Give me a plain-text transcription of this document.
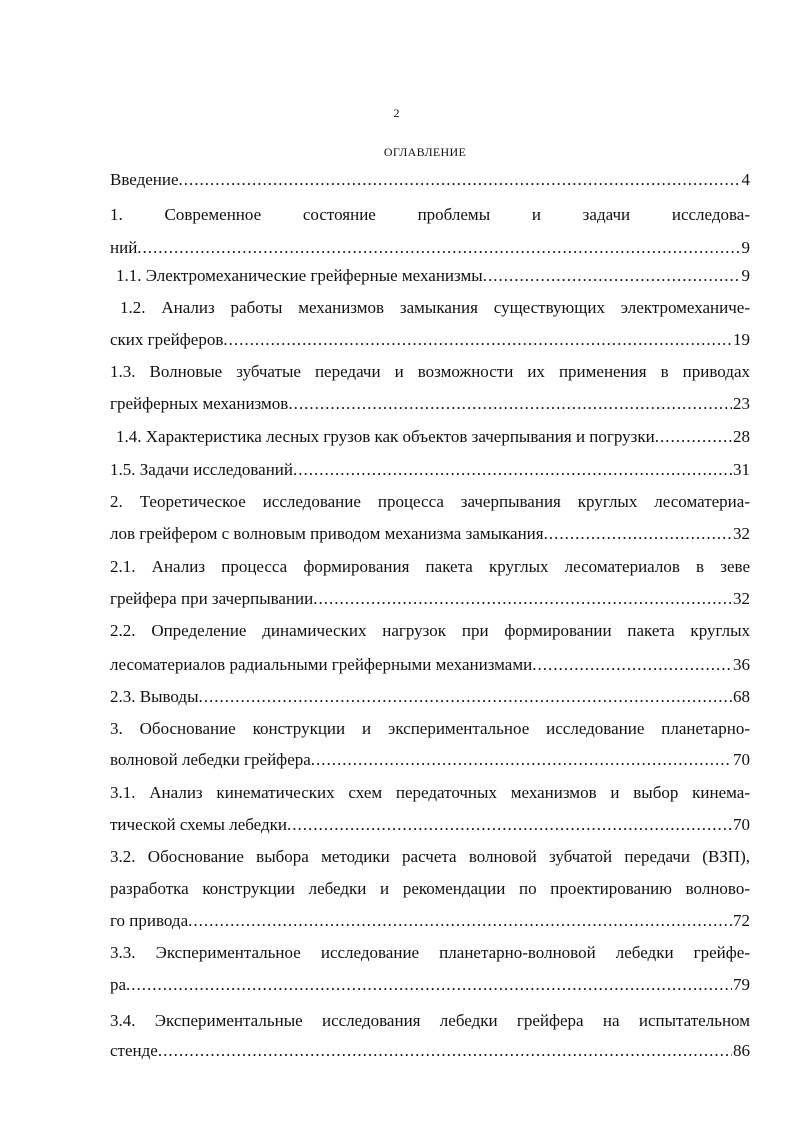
2
ОГЛАВЛЕНИЕ
Введение .....	4
1. Современное состояние проблемы и задачи исследова-
ний .....	9
1.1. Электромеханические грейферные механизмы .....	9
1.2. Анализ работы механизмов замыкания существующих электромеханиче-
ских грейферов .....	19
1.3. Волновые зубчатые передачи и возможности их применения в приводах
грейферных механизмов .....	23
1.4. Характеристика лесных грузов как объектов зачерпывания и погрузки .....	28
1.5. Задачи исследований .....	31
2. Теоретическое исследование процесса зачерпывания круглых лесоматериа-
лов грейфером с волновым приводом механизма замыкания .....	32
2.1. Анализ процесса формирования пакета круглых лесоматериалов в зеве
грейфера при зачерпывании .....	32
2.2. Определение динамических нагрузок при формировании пакета круглых
лесоматериалов радиальными грейферными механизмами .....	36
2.3. Выводы .....	68
3. Обоснование конструкции и экспериментальное исследование планетарно-
волновой лебедки грейфера .....	70
3.1. Анализ кинематических схем передаточных механизмов и выбор кинема-
тической схемы лебедки .....	70
3.2. Обоснование выбора методики расчета волновой зубчатой передачи (ВЗП),
разработка конструкции лебедки и рекомендации по проектированию волново-
го привода .....	72
3.3. Экспериментальное исследование планетарно-волновой лебедки грейфе-
ра .....	79
3.4. Экспериментальные исследования лебедки грейфера на испытательном
стенде .....	86
